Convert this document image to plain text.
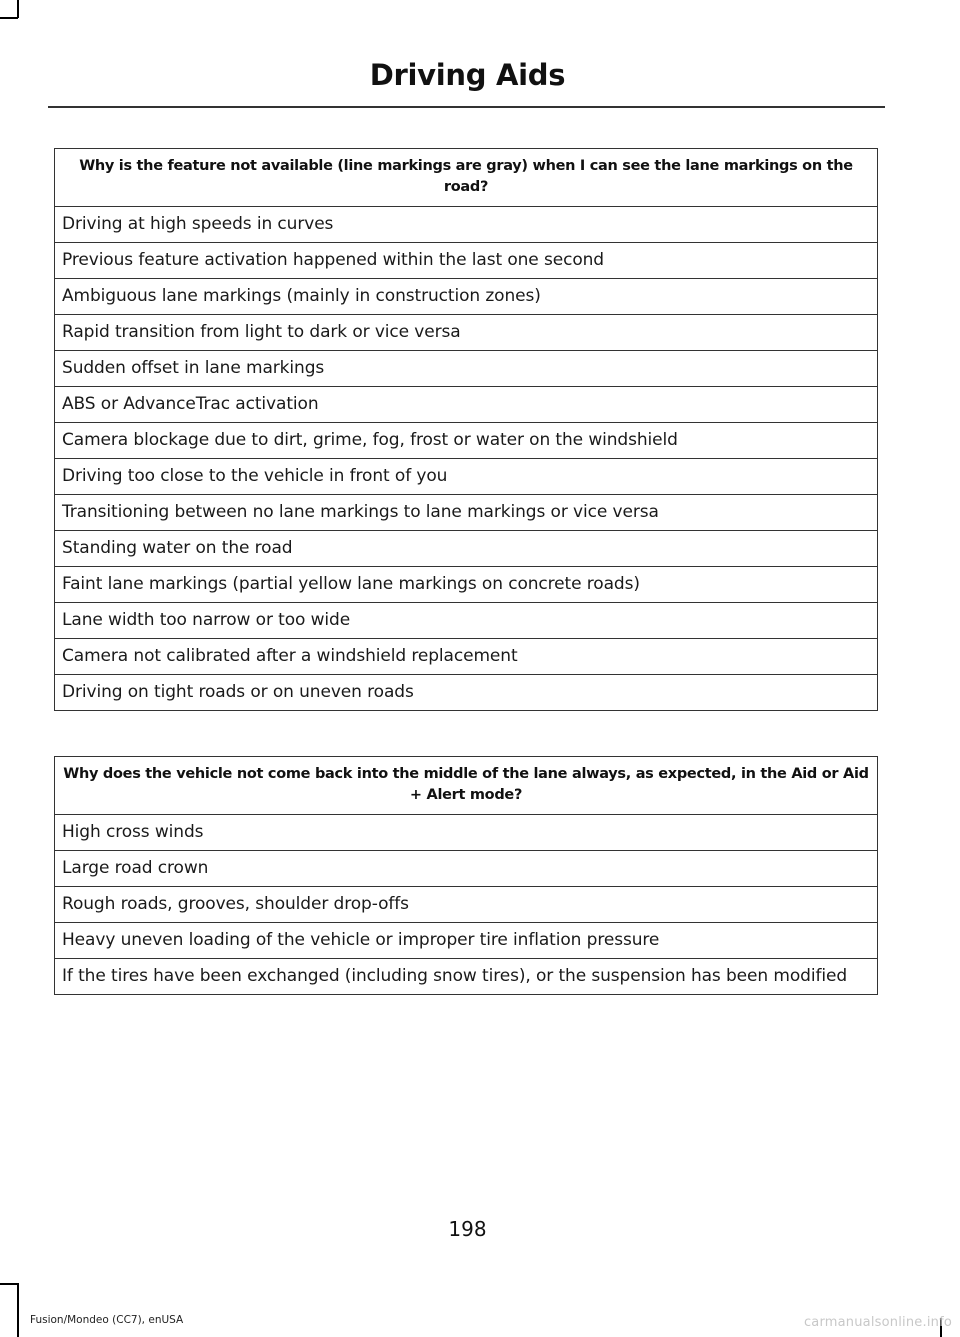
Driving Aids
Why is the feature not available (line markings are gray) when I can see the lane markings on the road?
Driving at high speeds in curves
Previous feature activation happened within the last one second
Ambiguous lane markings (mainly in construction zones)
Rapid transition from light to dark or vice versa
Sudden offset in lane markings
ABS or AdvanceTrac activation
Camera blockage due to dirt, grime, fog, frost or water on the windshield
Driving too close to the vehicle in front of you
Transitioning between no lane markings to lane markings or vice versa
Standing water on the road
Faint lane markings (partial yellow lane markings on concrete roads)
Lane width too narrow or too wide
Camera not calibrated after a windshield replacement
Driving on tight roads or on uneven roads
Why does the vehicle not come back into the middle of the lane always, as expected, in the Aid or Aid + Alert mode?
High cross winds
Large road crown
Rough roads, grooves, shoulder drop-offs
Heavy uneven loading of the vehicle or improper tire inflation pressure
If the tires have been exchanged (including snow tires), or the suspension has been modified
198
Fusion/Mondeo (CC7), enUSA	carmanualsonline.info
